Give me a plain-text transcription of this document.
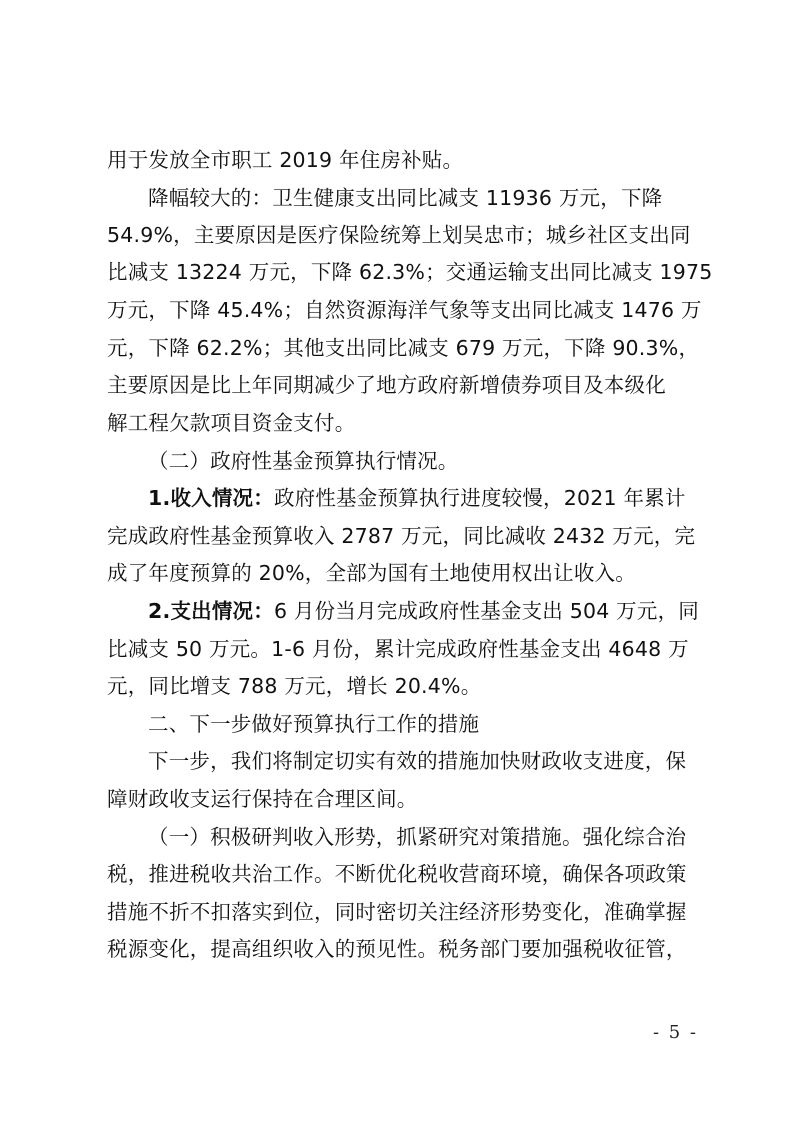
用于发放全市职工 2019 年住房补贴。
降幅较大的：卫生健康支出同比减支 11936 万元，下降
54.9%，主要原因是医疗保险统筹上划吴忠市；城乡社区支出同
比减支 13224 万元，下降 62.3%；交通运输支出同比减支 1975
万元，下降 45.4%；自然资源海洋气象等支出同比减支 1476 万
元，下降 62.2%；其他支出同比减支 679 万元，下降 90.3%，
主要原因是比上年同期减少了地方政府新增债券项目及本级化
解工程欠款项目资金支付。
（二）政府性基金预算执行情况。
1.收入情况：政府性基金预算执行进度较慢，2021 年累计
完成政府性基金预算收入 2787 万元，同比减收 2432 万元，完
成了年度预算的 20%，全部为国有土地使用权出让收入。
2.支出情况：6 月份当月完成政府性基金支出 504 万元，同
比减支 50 万元。1-6 月份，累计完成政府性基金支出 4648 万
元，同比增支 788 万元，增长 20.4%。
二、下一步做好预算执行工作的措施
下一步，我们将制定切实有效的措施加快财政收支进度，保
障财政收支运行保持在合理区间。
（一）积极研判收入形势，抓紧研究对策措施。强化综合治
税，推进税收共治工作。不断优化税收营商环境，确保各项政策
措施不折不扣落实到位，同时密切关注经济形势变化，准确掌握
税源变化，提高组织收入的预见性。税务部门要加强税收征管，
- 5 -
